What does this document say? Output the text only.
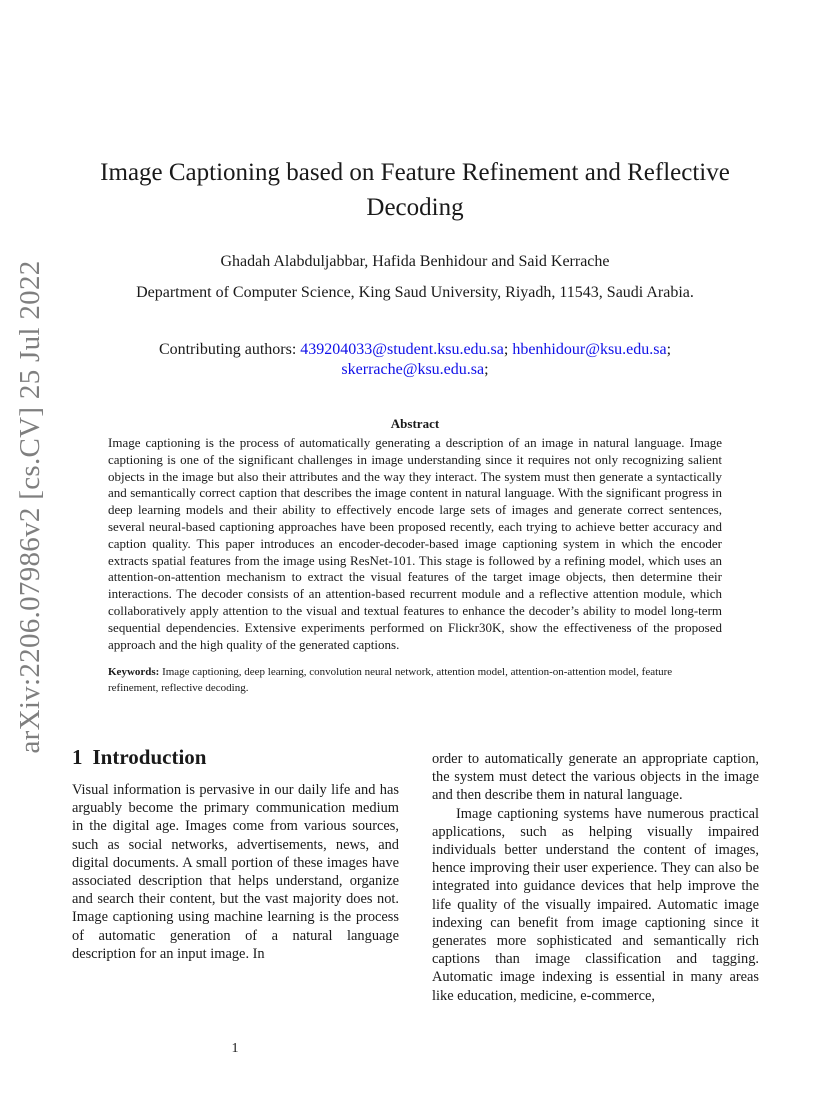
arXiv:2206.07986v2 [cs.CV] 25 Jul 2022
Image Captioning based on Feature Refinement and Reflective
Decoding
Ghadah Alabduljabbar, Hafida Benhidour and Said Kerrache
Department of Computer Science, King Saud University, Riyadh, 11543, Saudi Arabia.
Contributing authors: 439204033@student.ksu.edu.sa; hbenhidour@ksu.edu.sa;
skerrache@ksu.edu.sa;
Abstract
Image captioning is the process of automatically generating a description of an image in natural language. Image captioning is one of the significant challenges in image understanding since it requires not only recognizing salient objects in the image but also their attributes and the way they interact. The system must then generate a syntactically and semantically correct caption that describes the image content in natural language. With the significant progress in deep learning models and their ability to effectively encode large sets of images and generate correct sentences, several neural-based captioning approaches have been proposed recently, each trying to achieve better accuracy and caption quality. This paper introduces an encoder-decoder-based image captioning system in which the encoder extracts spatial features from the image using ResNet-101. This stage is followed by a refining model, which uses an attention-on-attention mechanism to extract the visual features of the target image objects, then determine their interactions. The decoder consists of an attention-based recurrent module and a reflective attention module, which collaboratively apply attention to the visual and textual features to enhance the decoder’s ability to model long-term sequential dependencies. Extensive experiments performed on Flickr30K, show the effectiveness of the proposed approach and the high quality of the generated captions.
Keywords: Image captioning, deep learning, convolution neural network, attention model, attention-on-attention model, feature refinement, reflective decoding.
1 Introduction

Visual information is pervasive in our daily life and has arguably become the primary communication medium in the digital age. Images come from various sources, such as social networks, advertisements, news, and digital documents. A small portion of these images have associated description that helps understand, organize and search their content, but the vast majority does not. Image captioning using machine learning is the process of automatic generation of a natural language description for an input image. In

order to automatically generate an appropriate caption, the system must detect the various objects in the image and then describe them in natural language.

Image captioning systems have numerous practical applications, such as helping visually impaired individuals better understand the content of images, hence improving their user experience. They can also be integrated into guidance devices that help improve the life quality of the visually impaired. Automatic image indexing can benefit from image captioning since it generates more sophisticated and semantically rich captions than image classification and tagging. Automatic image indexing is essential in many areas like education, medicine, e-commerce,

1
